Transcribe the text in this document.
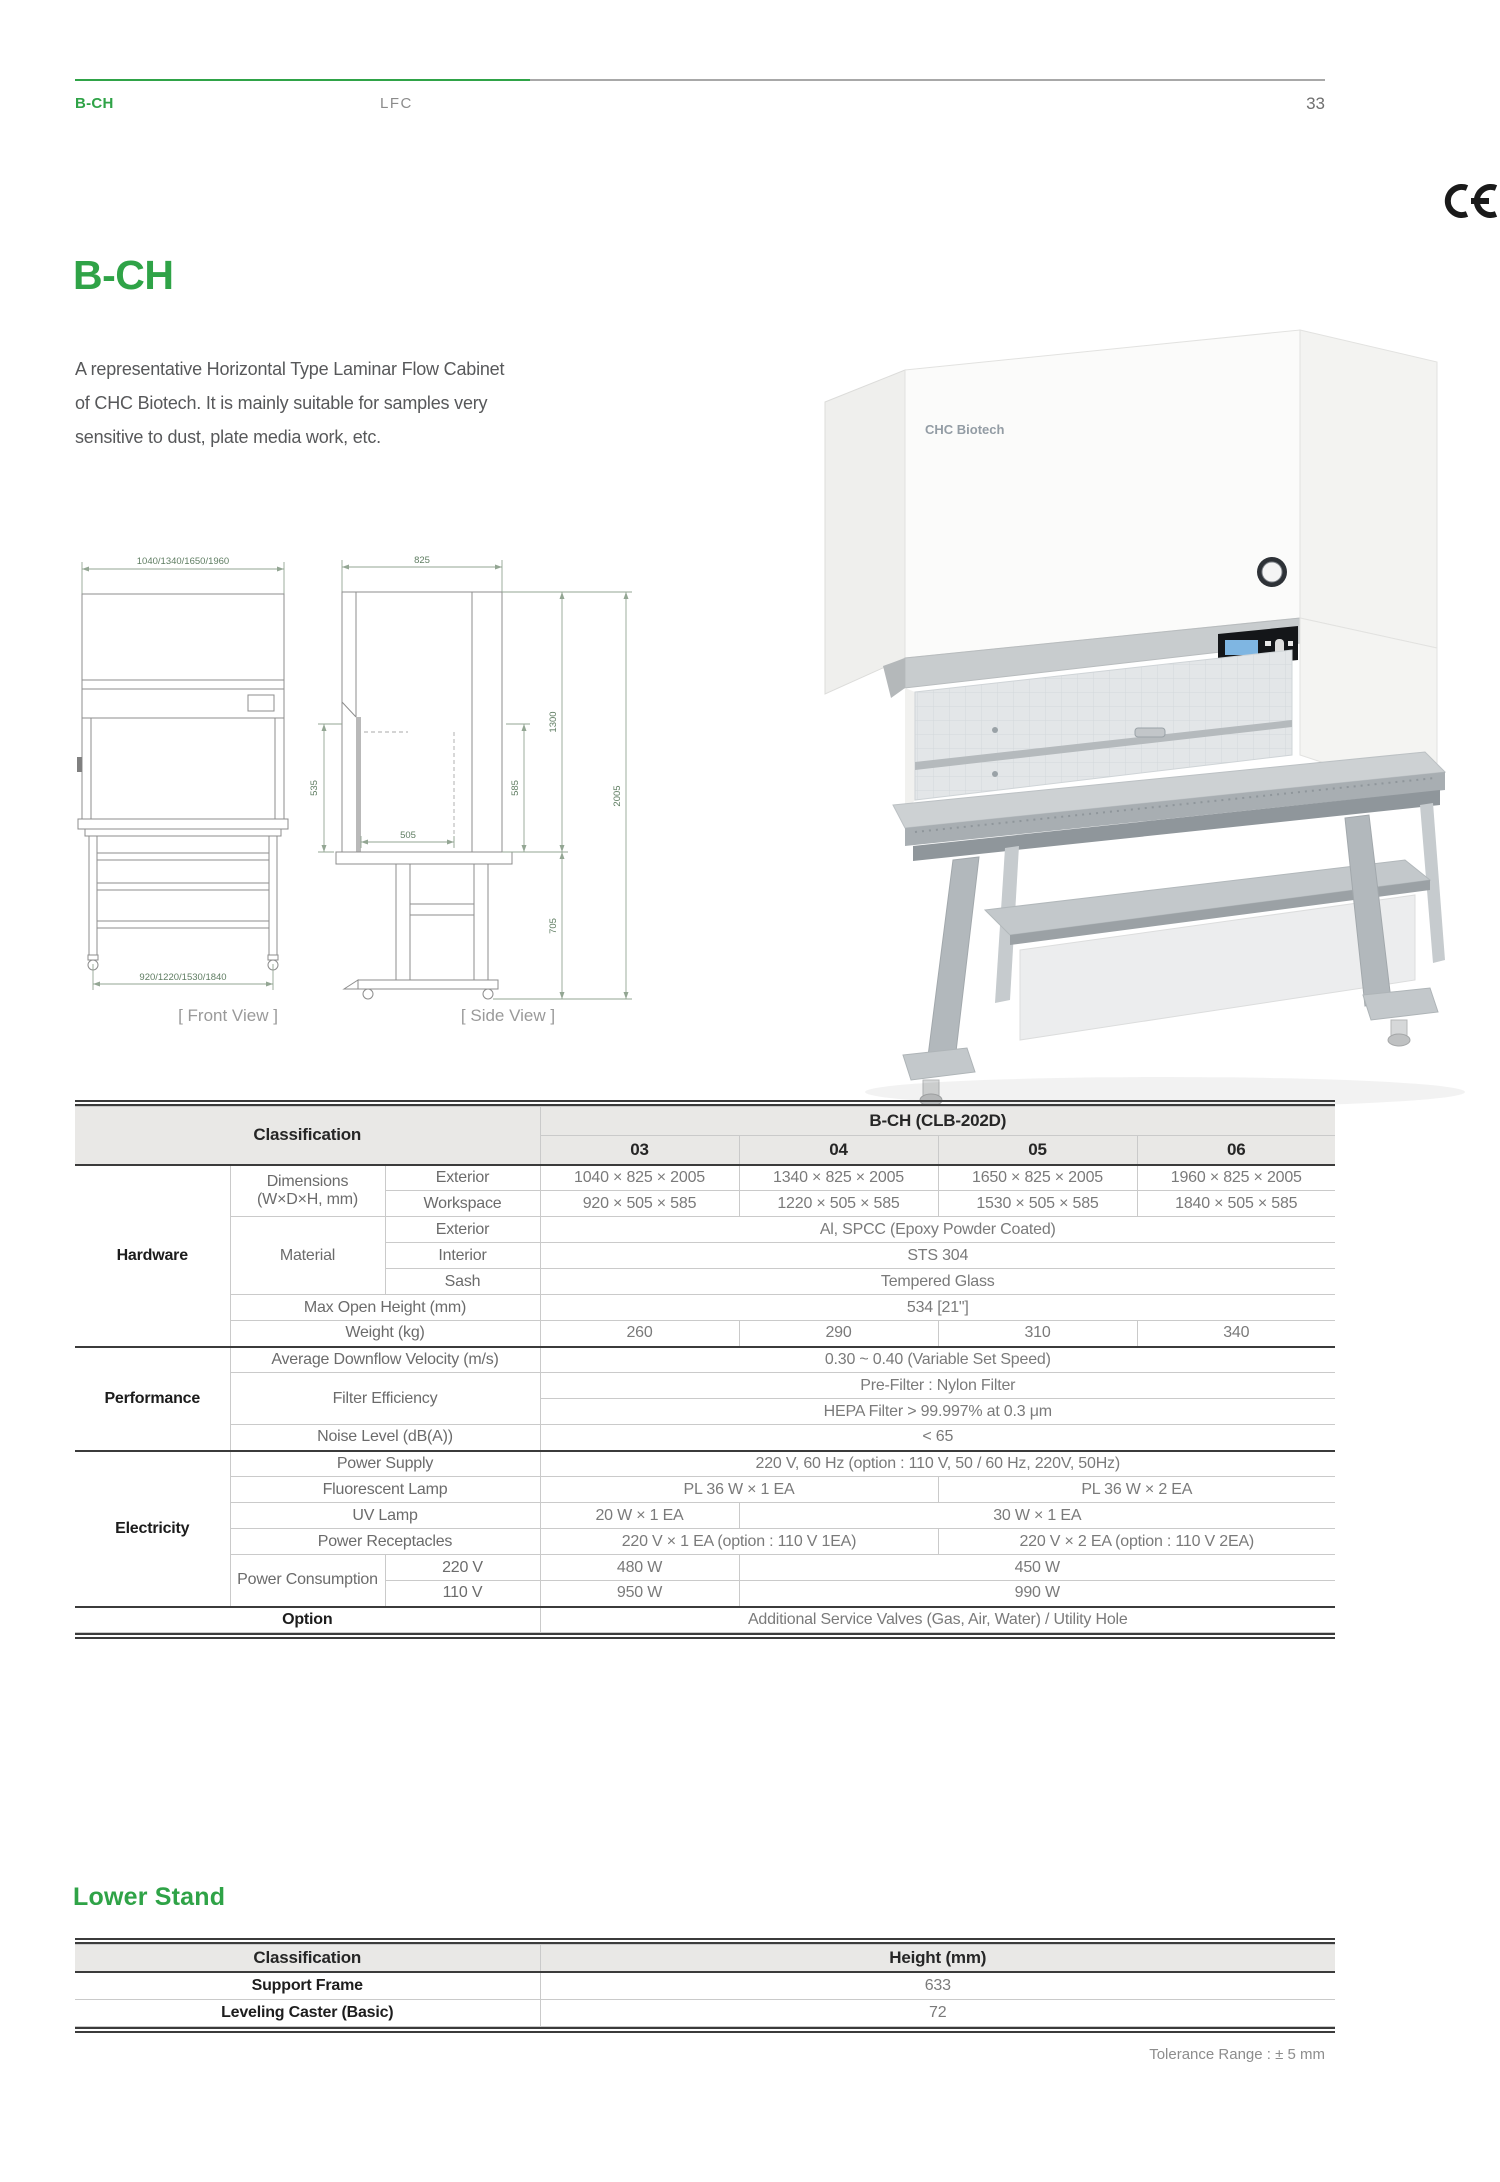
B-CH	LFC	33
B-CH
A representative Horizontal Type Laminar Flow Cabinet
of CHC Biotech. It is mainly suitable for samples very
sensitive to dust, plate media work, etc.
1040/1340/1650/1960
920/1220/1530/1840
825
535
505
585
1300
705
2005
[ Front View ]	[ Side View ]
CHC Biotech
Classification			B-CH (CLB-202D)			
			03	04	05	06
Hardware	Dimensions (W×D×H, mm)	Exterior	1040 × 825 × 2005	1340 × 825 × 2005	1650 × 825 × 2005	1960 × 825 × 2005
		Workspace	920 × 505 × 585	1220 × 505 × 585	1530 × 505 × 585	1840 × 505 × 585
	Material	Exterior	Al, SPCC (Epoxy Powder Coated)			
		Interior	STS 304			
		Sash	Tempered Glass			
	Max Open Height (mm)		534 [21"]			
	Weight (kg)		260	290	310	340
Performance	Average Downflow Velocity (m/s)		0.30 ~ 0.40 (Variable Set Speed)			
	Filter Efficiency		Pre-Filter : Nylon Filter			
			HEPA Filter > 99.997% at 0.3 μm			
	Noise Level (dB(A))		< 65			
Electricity	Power Supply		220 V, 60 Hz (option : 110 V, 50 / 60 Hz, 220V, 50Hz)			
	Fluorescent Lamp		PL 36 W × 1 EA		PL 36 W × 2 EA	
	UV Lamp		20 W × 1 EA	30 W × 1 EA		
	Power Receptacles		220 V × 1 EA (option : 110 V 1EA)		220 V × 2 EA (option : 110 V 2EA)	
	Power Consumption	220 V	480 W	450 W		
		110 V	950 W	990 W		
Option			Additional Service Valves (Gas, Air, Water) / Utility Hole			
Lower Stand
Classification	Height (mm)
Support Frame	633
Leveling Caster (Basic)	72
Tolerance Range : ± 5 mm
